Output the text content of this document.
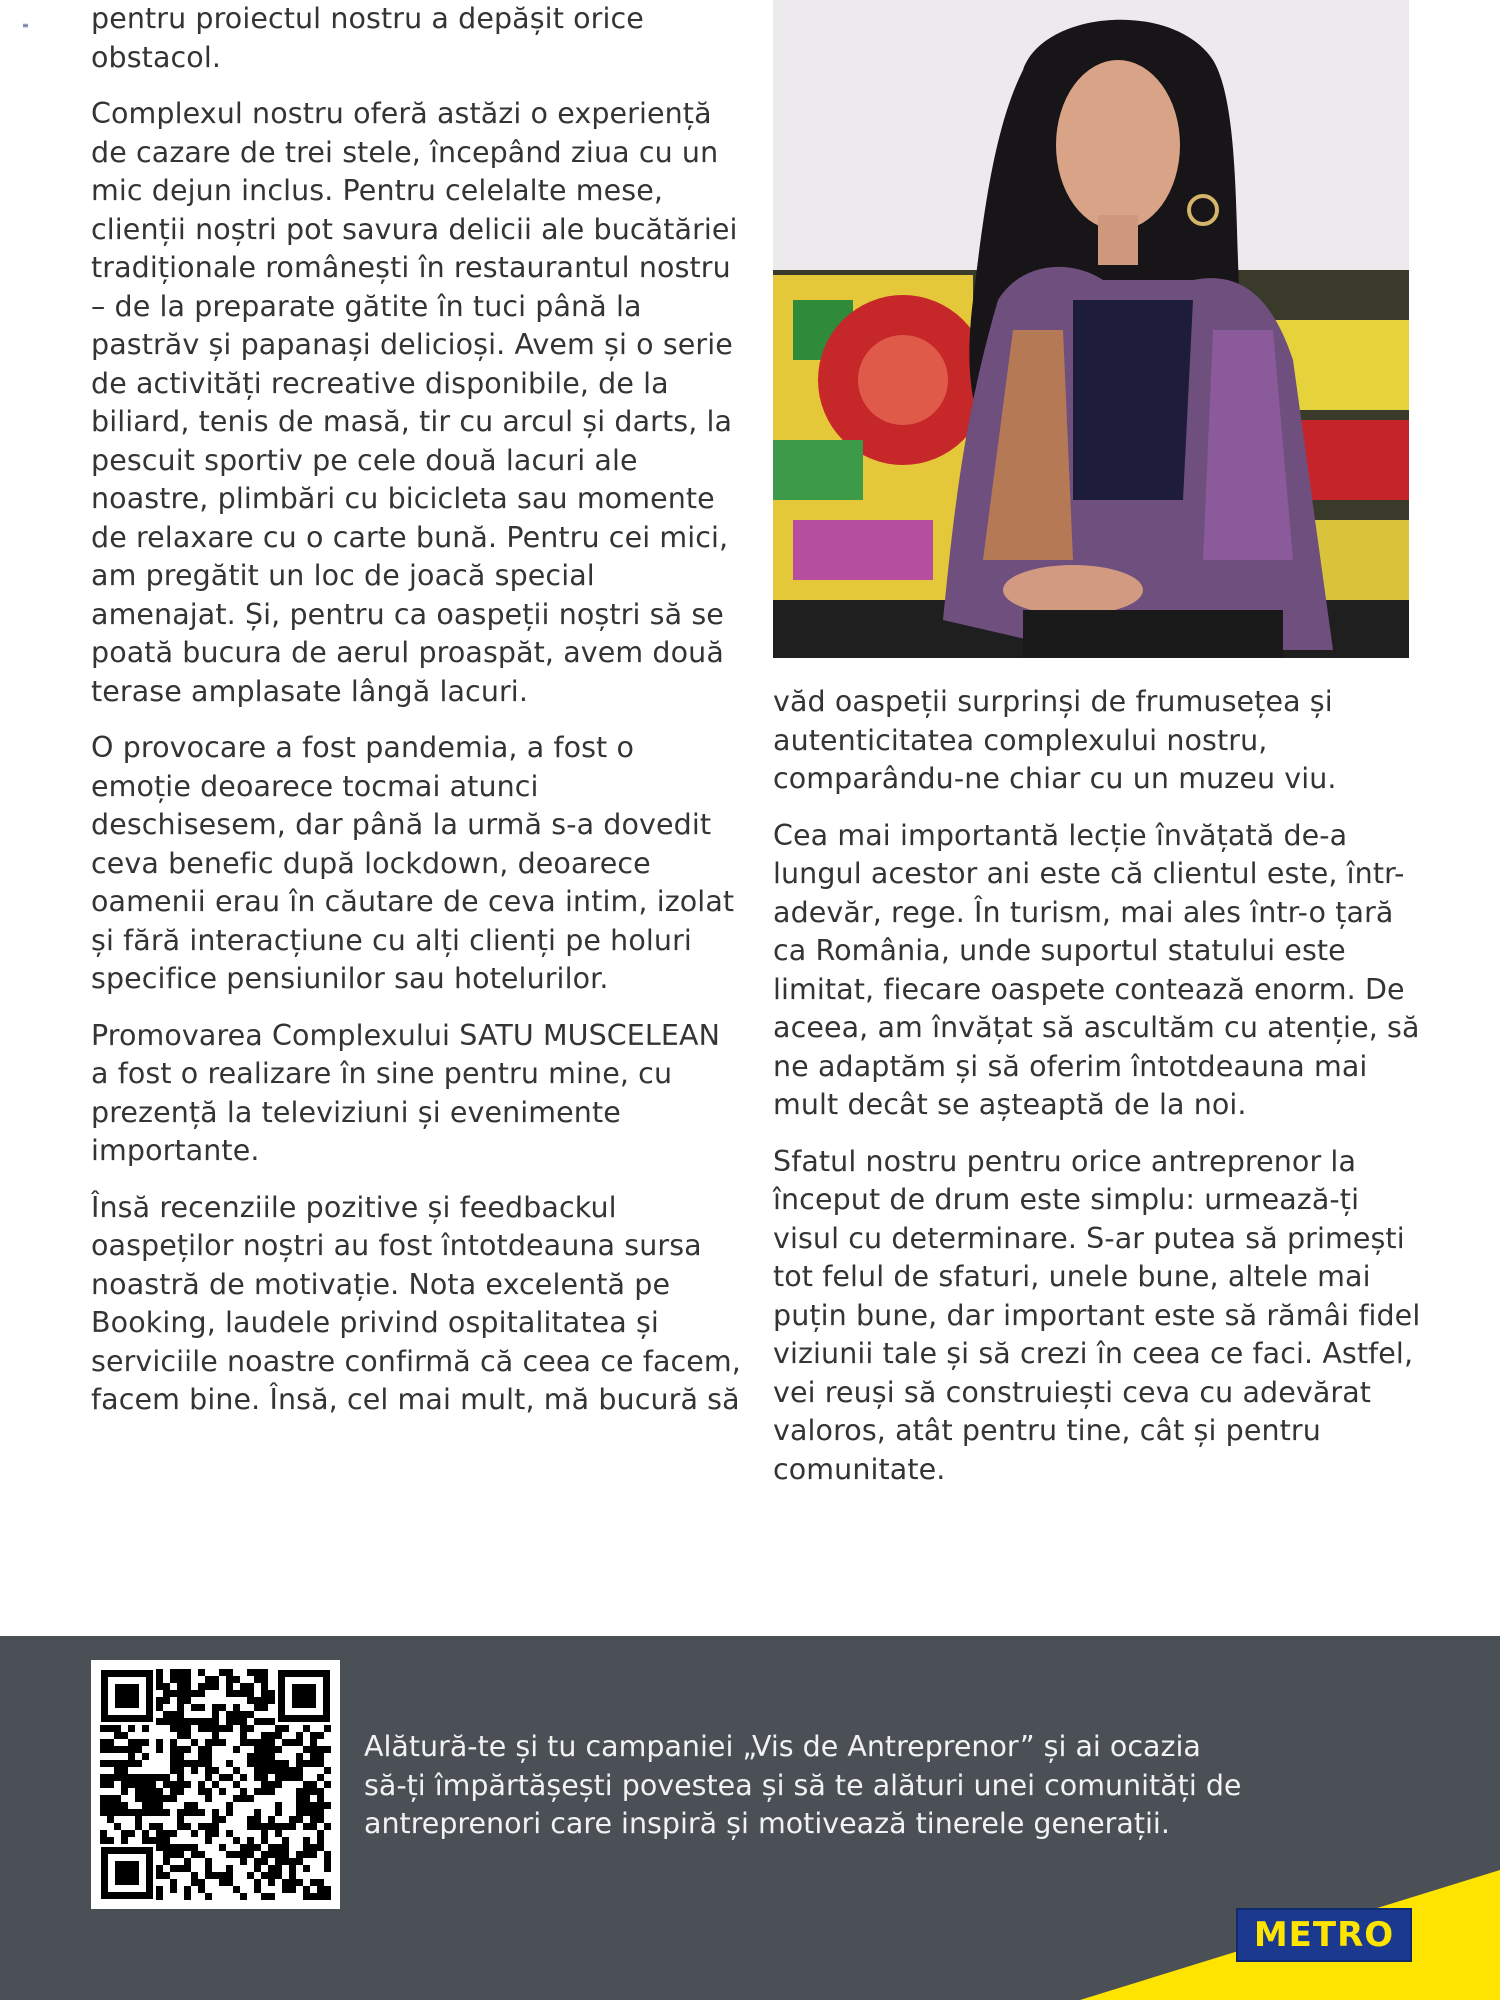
≡ pentru proiectul nostru a depășit orice obstacol.

Complexul nostru oferă astăzi o experiență de cazare de trei stele, începând ziua cu un mic dejun inclus. Pentru celelalte mese, clienții noștri pot savura delicii ale bucătăriei tradiționale românești în restaurantul nostru – de la preparate gătite în tuci până la pastrăv și papanași delicioși. Avem și o serie de activități recreative disponibile, de la biliard, tenis de masă, tir cu arcul și darts, la pescuit sportiv pe cele două lacuri ale noastre, plimbări cu bicicleta sau momente de relaxare cu o carte bună. Pentru cei mici, am pregătit un loc de joacă special amenajat. Și, pentru ca oaspeții noștri să se poată bucura de aerul proaspăt, avem două terase amplasate lângă lacuri.

O provocare a fost pandemia, a fost o emoție deoarece tocmai atunci deschisesem, dar până la urmă s-a dovedit ceva benefic după lockdown, deoarece oamenii erau în căutare de ceva intim, izolat și fără interacțiune cu alți clienți pe holuri specifice pensiunilor sau hotelurilor.

Promovarea Complexului SATU MUSCELEAN a fost o realizare în sine pentru mine, cu prezență la televiziuni și evenimente importante.

Însă recenziile pozitive și feedbackul oaspeților noștri au fost întotdeauna sursa noastră de motivație. Nota excelentă pe Booking, laudele privind ospitalitatea și serviciile noastre confirmă că ceea ce facem, facem bine. Însă, cel mai mult, mă bucură să

văd oaspeții surprinși de frumusețea și autenticitatea complexului nostru, comparându-ne chiar cu un muzeu viu.

Cea mai importantă lecție învățată de-a lungul acestor ani este că clientul este, într-adevăr, rege. În turism, mai ales într-o țară ca România, unde suportul statului este limitat, fiecare oaspete contează enorm. De aceea, am învățat să ascultăm cu atenție, să ne adaptăm și să oferim întotdeauna mai mult decât se așteaptă de la noi.

Sfatul nostru pentru orice antreprenor la început de drum este simplu: urmează-ți visul cu determinare. S-ar putea să primești tot felul de sfaturi, unele bune, altele mai puțin bune, dar important este să rămâi fidel viziunii tale și să crezi în ceea ce faci. Astfel, vei reuși să construiești ceva cu adevărat valoros, atât pentru tine, cât și pentru comunitate.

Alătură-te și tu campaniei „Vis de Antreprenor” și ai ocazia
să-ți împărtășești povestea și să te alături unei comunități de
antreprenori care inspiră și motivează tinerele generații.
METRO
